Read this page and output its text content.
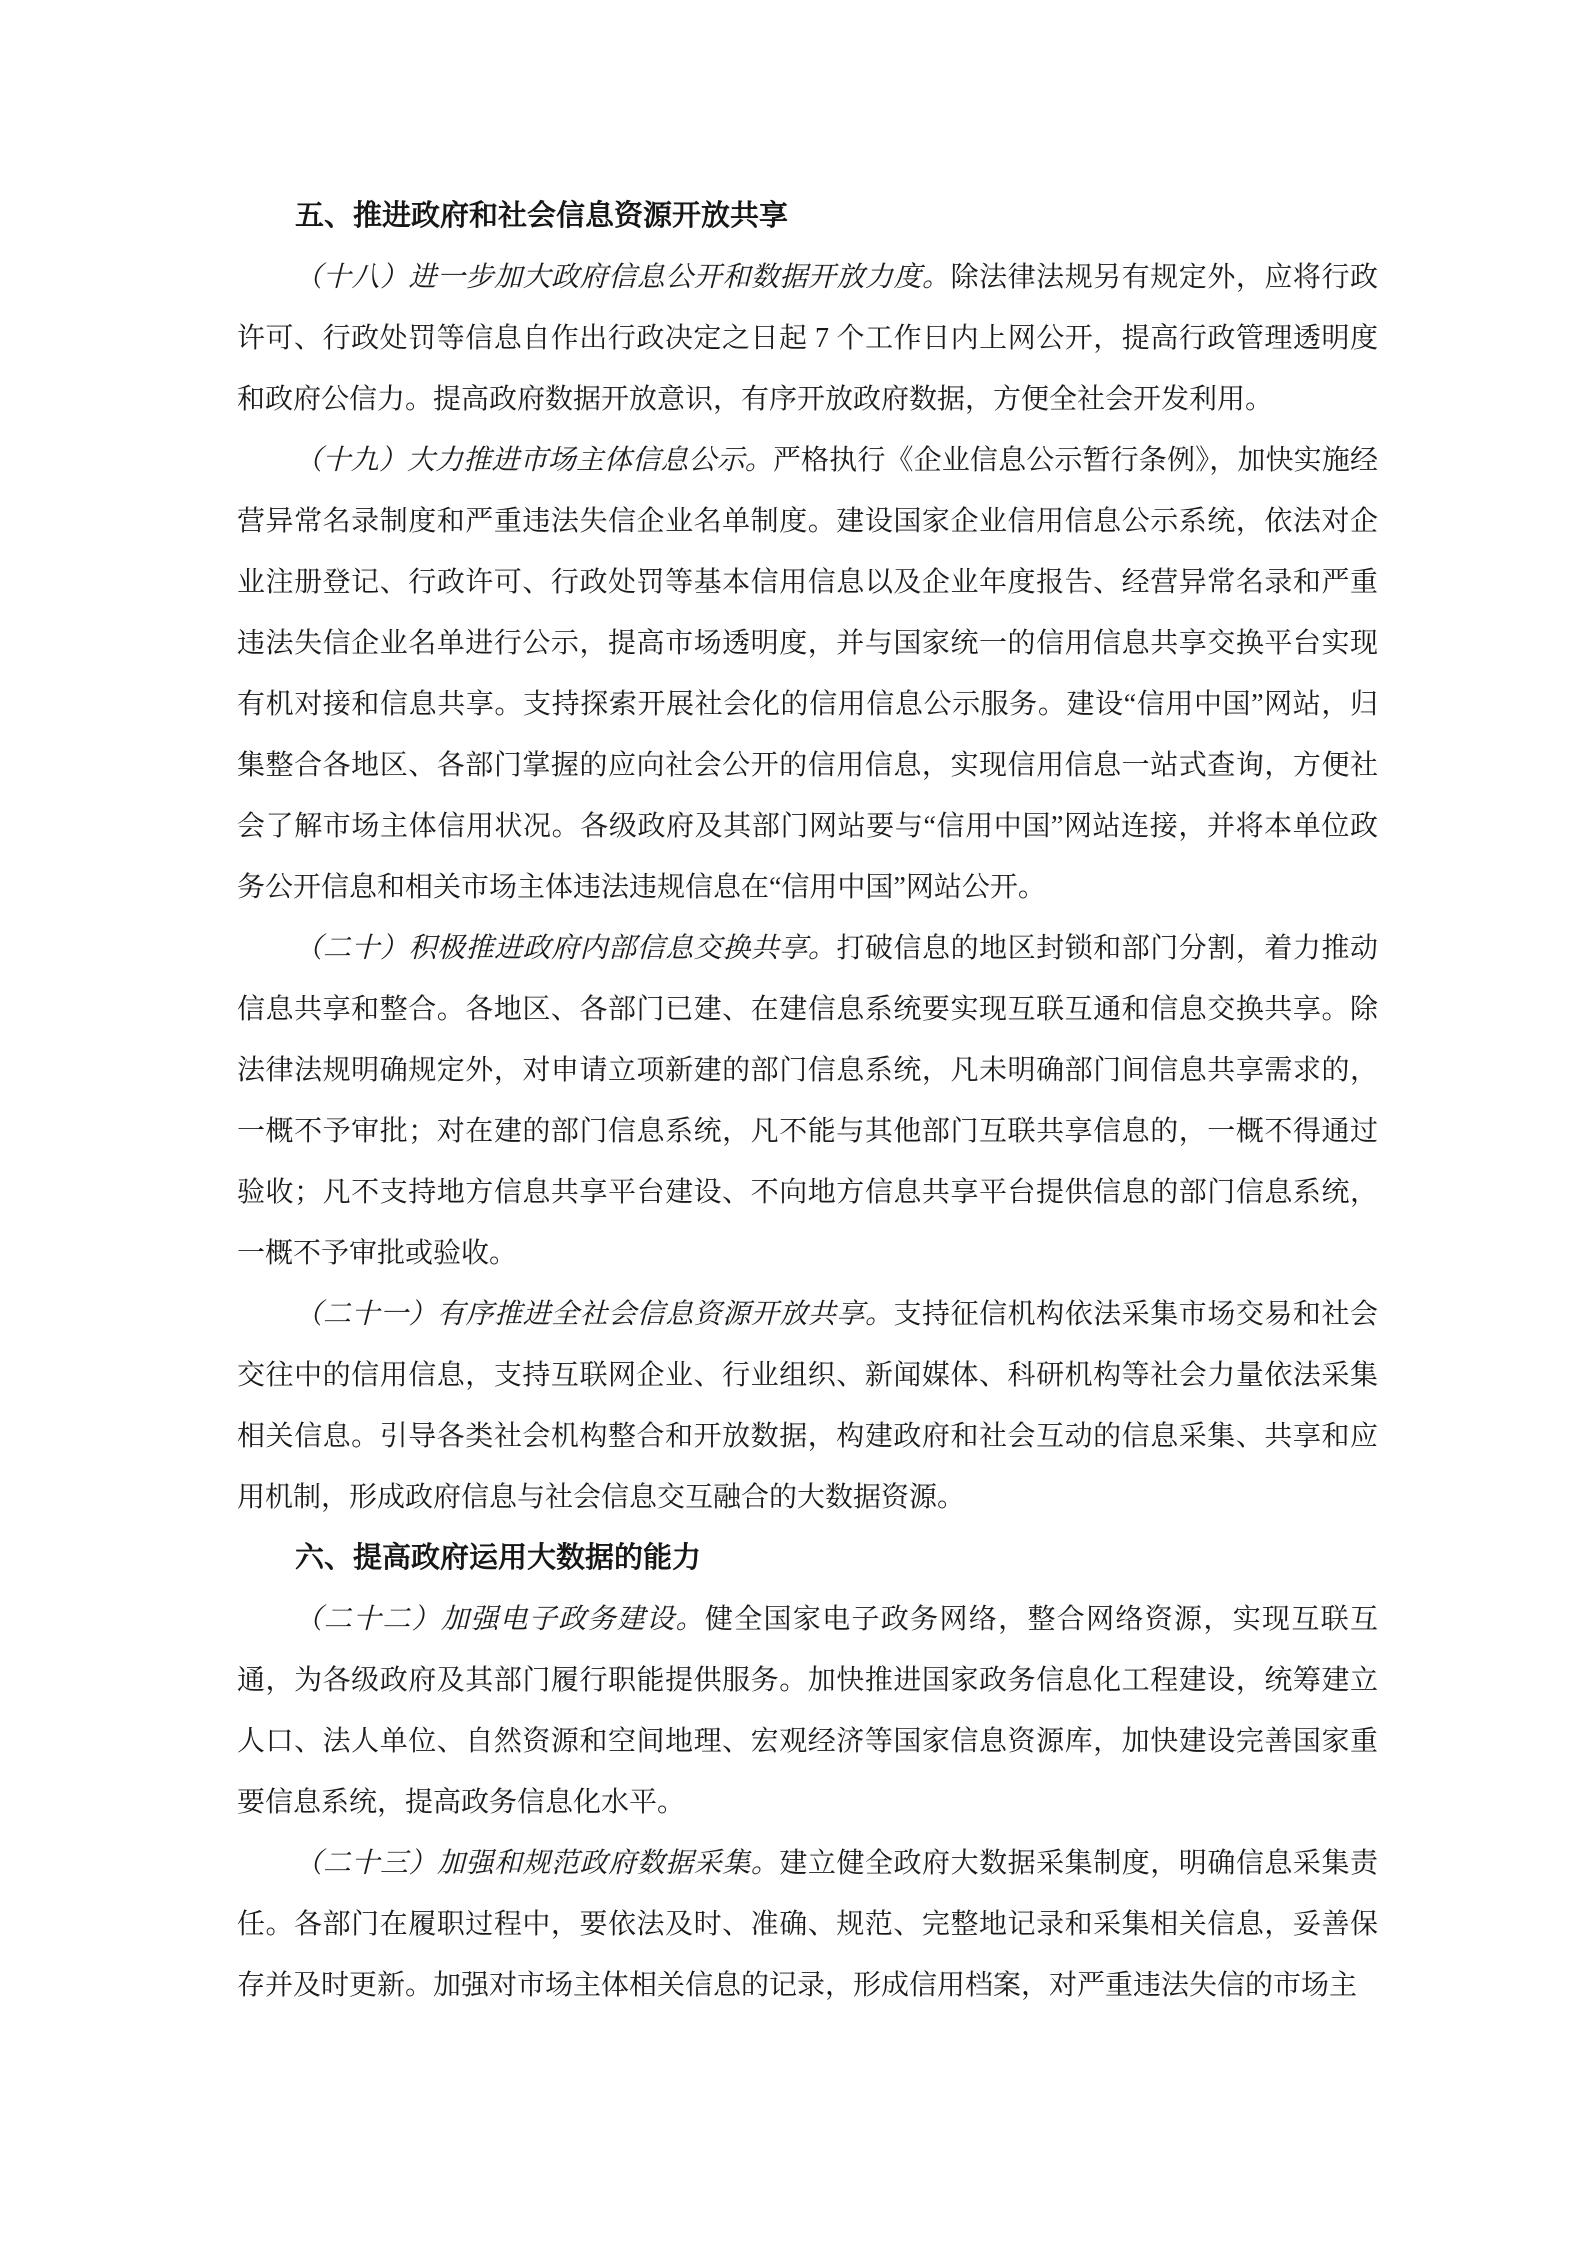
五、推进政府和社会信息资源开放共享

（十八）进一步加大政府信息公开和数据开放力度。除法律法规另有规定外，应将行政许可、行政处罚等信息自作出行政决定之日起 7 个工作日内上网公开，提高行政管理透明度和政府公信力。提高政府数据开放意识，有序开放政府数据，方便全社会开发利用。

（十九）大力推进市场主体信息公示。严格执行《企业信息公示暂行条例》，加快实施经营异常名录制度和严重违法失信企业名单制度。建设国家企业信用信息公示系统，依法对企业注册登记、行政许可、行政处罚等基本信用信息以及企业年度报告、经营异常名录和严重违法失信企业名单进行公示，提高市场透明度，并与国家统一的信用信息共享交换平台实现有机对接和信息共享。支持探索开展社会化的信用信息公示服务。建设“信用中国”网站，归集整合各地区、各部门掌握的应向社会公开的信用信息，实现信用信息一站式查询，方便社会了解市场主体信用状况。各级政府及其部门网站要与“信用中国”网站连接，并将本单位政务公开信息和相关市场主体违法违规信息在“信用中国”网站公开。

（二十）积极推进政府内部信息交换共享。打破信息的地区封锁和部门分割，着力推动信息共享和整合。各地区、各部门已建、在建信息系统要实现互联互通和信息交换共享。除法律法规明确规定外，对申请立项新建的部门信息系统，凡未明确部门间信息共享需求的，一概不予审批；对在建的部门信息系统，凡不能与其他部门互联共享信息的，一概不得通过验收；凡不支持地方信息共享平台建设、不向地方信息共享平台提供信息的部门信息系统，一概不予审批或验收。

（二十一）有序推进全社会信息资源开放共享。支持征信机构依法采集市场交易和社会交往中的信用信息，支持互联网企业、行业组织、新闻媒体、科研机构等社会力量依法采集相关信息。引导各类社会机构整合和开放数据，构建政府和社会互动的信息采集、共享和应用机制，形成政府信息与社会信息交互融合的大数据资源。

六、提高政府运用大数据的能力

（二十二）加强电子政务建设。健全国家电子政务网络，整合网络资源，实现互联互通，为各级政府及其部门履行职能提供服务。加快推进国家政务信息化工程建设，统筹建立人口、法人单位、自然资源和空间地理、宏观经济等国家信息资源库，加快建设完善国家重要信息系统，提高政务信息化水平。

（二十三）加强和规范政府数据采集。建立健全政府大数据采集制度，明确信息采集责任。各部门在履职过程中，要依法及时、准确、规范、完整地记录和采集相关信息，妥善保存并及时更新。加强对市场主体相关信息的记录，形成信用档案，对严重违法失信的市场主
